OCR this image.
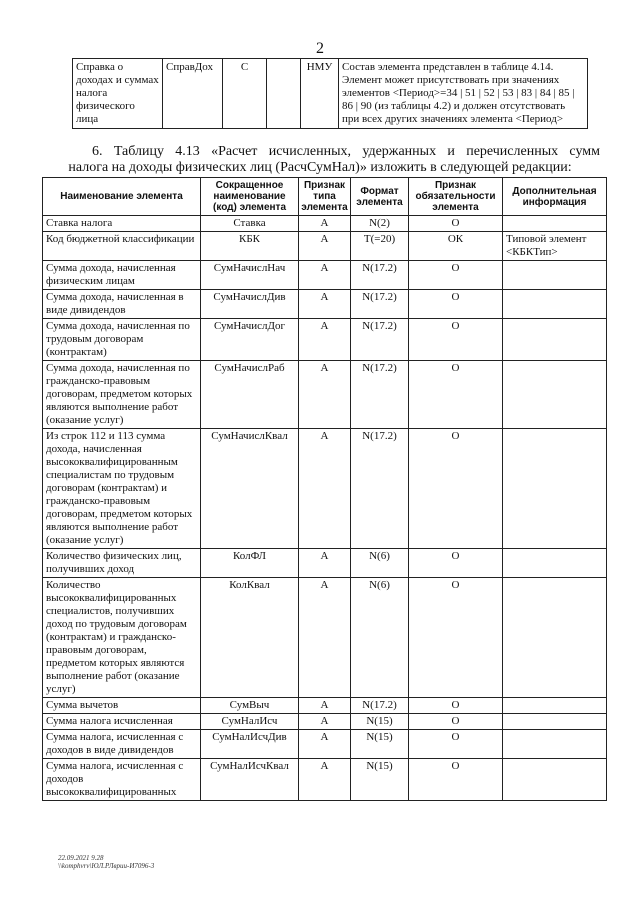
2
Справка о доходах и суммах налога физического лица	СправДох	С		НМУ	Состав элемента представлен в таблице 4.14. Элемент может присутствовать при значениях элементов <Период>=34 | 51 | 52 | 53 | 83 | 84 | 85 | 86 | 90 (из таблицы 4.2) и должен отсутствовать при всех других значениях элемента <Период>
6. Таблицу 4.13 «Расчет исчисленных, удержанных и перечисленных сумм
налога на доходы физических лиц (РасчСумНал)» изложить в следующей редакции:
Наименование элемента	Сокращенное наименование (код) элемента	Признак типа элемента	Формат элемента	Признак обязательности элемента	Дополнительная информация
Ставка налога	Ставка	А	N(2)	О	
Код бюджетной классификации	КБК	А	T(=20)	ОК	Типовой элемент <КБКТип>
Сумма дохода, начисленная физическим лицам	СумНачислНач	А	N(17.2)	О	
Сумма дохода, начисленная в виде дивидендов	СумНачислДив	А	N(17.2)	О	
Сумма дохода, начисленная по трудовым договорам (контрактам)	СумНачислДог	А	N(17.2)	О	
Сумма дохода, начисленная по гражданско-правовым договорам, предметом которых являются выполнение работ (оказание услуг)	СумНачислРаб	А	N(17.2)	О	
Из строк 112 и 113 сумма дохода, начисленная высококвалифицированным специалистам по трудовым договорам (контрактам) и гражданско-правовым договорам, предметом которых являются выполнение работ (оказание услуг)	СумНачислКвал	А	N(17.2)	О	
Количество физических лиц, получивших доход	КолФЛ	А	N(6)	О	
Количество высококвалифицированных специалистов, получивших доход по трудовым договорам (контрактам) и гражданско-правовым договорам, предметом которых являются выполнение работ (оказание услуг)	КолКвал	А	N(6)	О	
Сумма вычетов	СумВыч	А	N(17.2)	О	
Сумма налога исчисленная	СумНалИсч	А	N(15)	О	
Сумма налога, исчисленная с доходов в виде дивидендов	СумНалИсчДив	А	N(15)	О	
Сумма налога, исчисленная с доходов высококвалифицированных	СумНалИсчКвал	А	N(15)	О	
22.09.2021 9.28
\\komphvrv\ЮЛ.РЛврии-И7096-3
